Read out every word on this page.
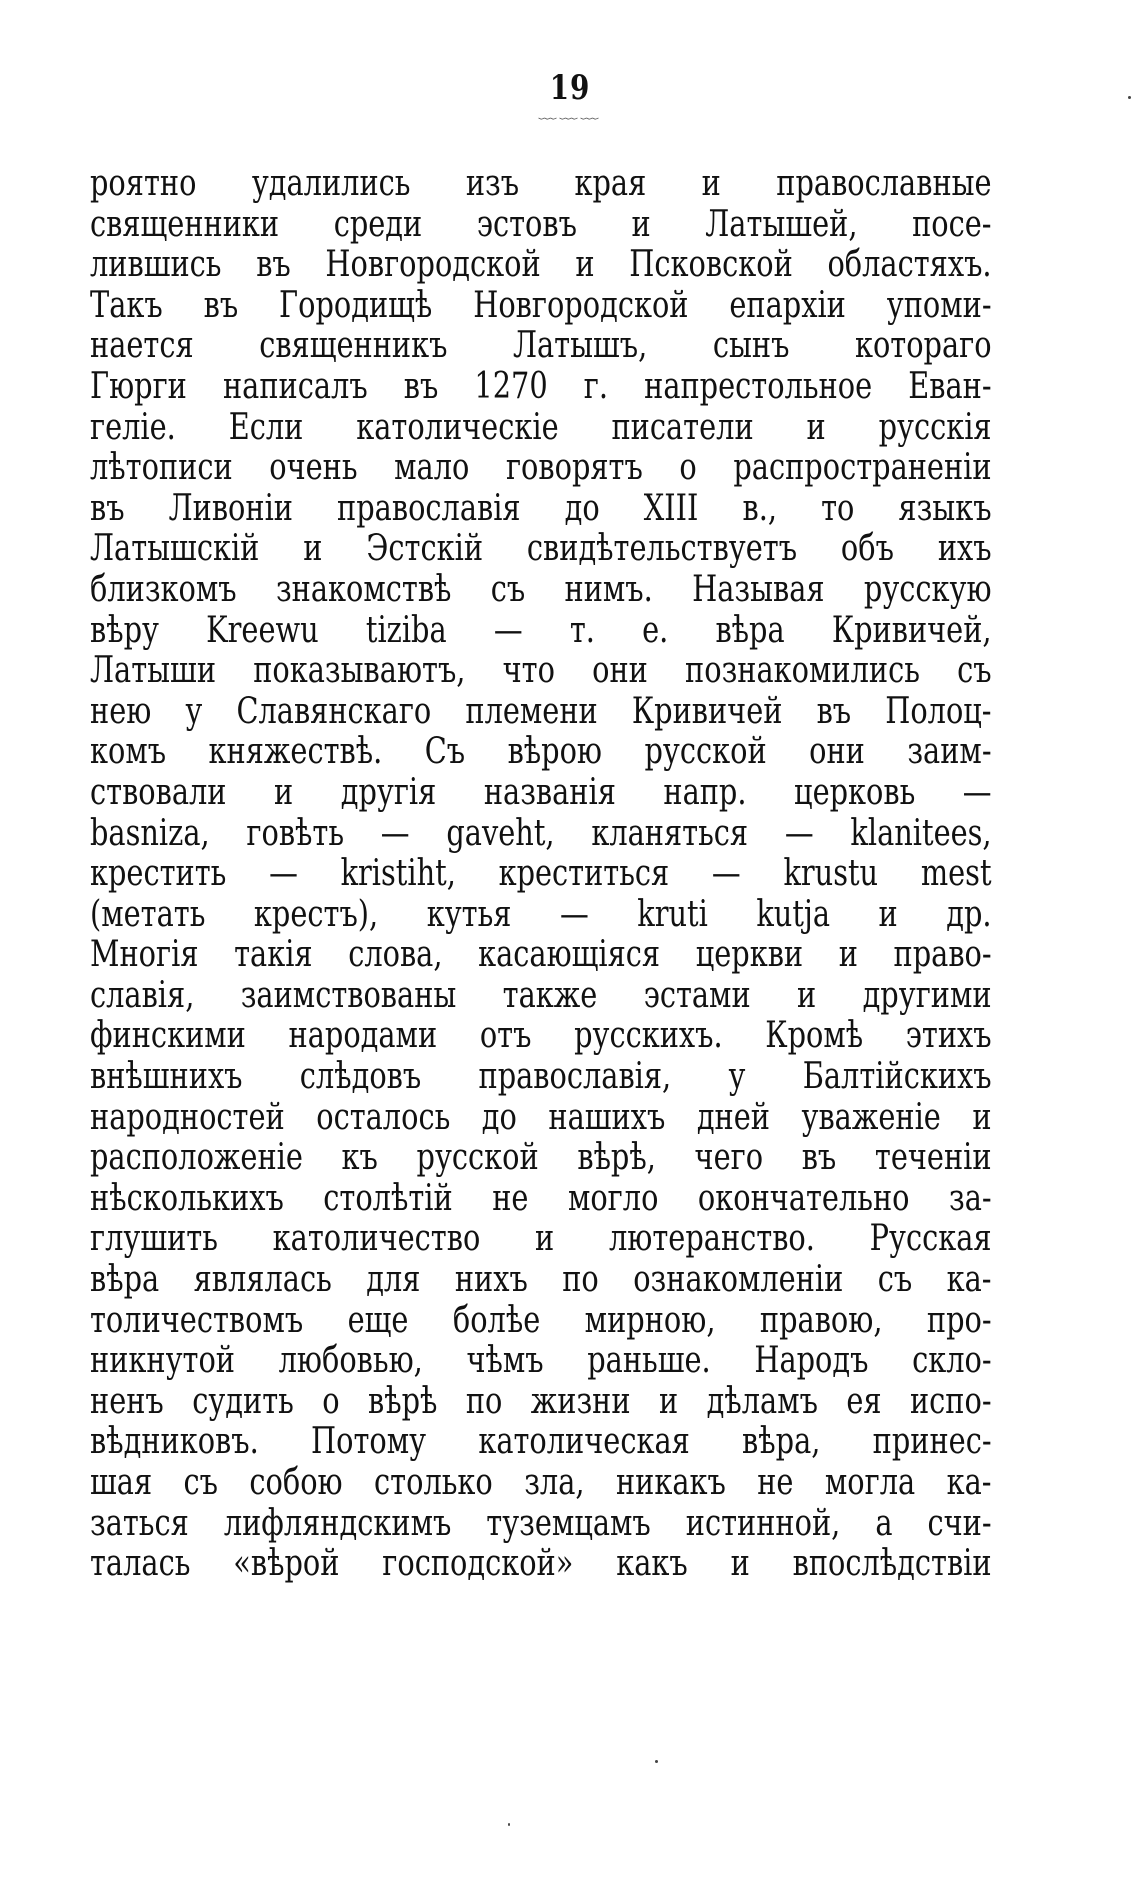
19
﹏﹏﹏
роятно удалились изъ края и православные
священники среди эстовъ и Латышей, посе-
лившись въ Новгородской и Псковской областяхъ.
Такъ въ Городищѣ Новгородской епархіи упоми-
нается священникъ Латышъ, сынъ котораго
Гюрги написалъ въ 1270 г. напрестольное Еван-
геліе. Если католическіе писатели и русскія
лѣтописи очень мало говорятъ о распространеніи
въ Ливоніи православія до XIII в., то языкъ
Латышскій и Эстскій свидѣтельствуетъ объ ихъ
близкомъ знакомствѣ съ нимъ. Называя русскую
вѣру Kreewu tiziba — т. е. вѣра Кривичей,
Латыши показываютъ, что они познакомились съ
нею у Славянскаго племени Кривичей въ Полоц-
комъ княжествѣ. Съ вѣрою русской они заим-
ствовали и другія названія напр. церковь —
basniza, говѣть — gaveht, кланяться — klanitees,
крестить — kristiht, креститься — krustu mest
(метать крестъ), кутья — kruti kutja и др.
Многія такія слова, касающіяся церкви и право-
славія, заимствованы также эстами и другими
финскими народами отъ русскихъ. Кромѣ этихъ
внѣшнихъ слѣдовъ православія, у Балтійскихъ
народностей осталось до нашихъ дней уваженіе и
расположеніе къ русской вѣрѣ, чего въ теченіи
нѣсколькихъ столѣтій не могло окончательно за-
глушить католичество и лютеранство. Русская
вѣра являлась для нихъ по ознакомленіи съ ка-
толичествомъ еще болѣе мирною, правою, про-
никнутой любовью, чѣмъ раньше. Народъ скло-
ненъ судить о вѣрѣ по жизни и дѣламъ ея испо-
вѣдниковъ. Потому католическая вѣра, принес-
шая съ собою столько зла, никакъ не могла ка-
заться лифляндскимъ туземцамъ истинной, а счи-
талась «вѣрой господской» какъ и впослѣдствіи
